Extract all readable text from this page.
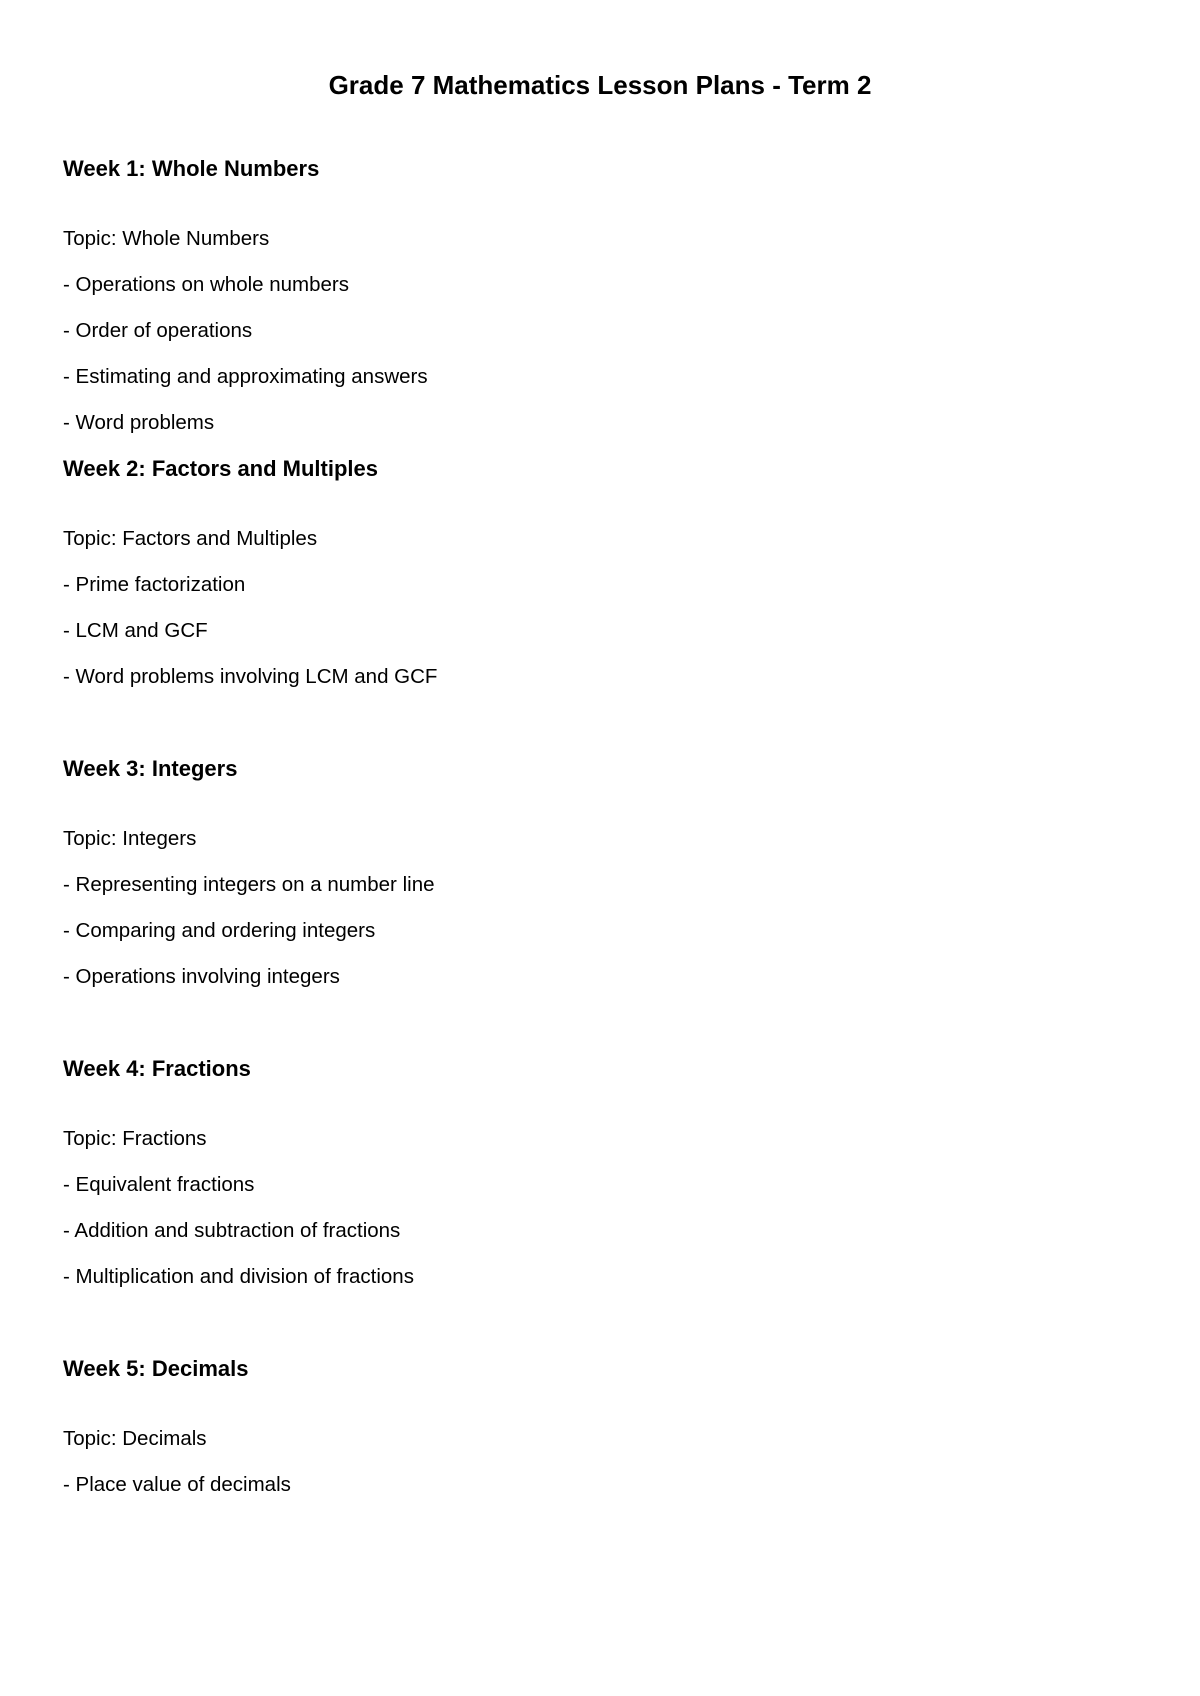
Grade 7 Mathematics Lesson Plans - Term 2
Week 1: Whole Numbers

Topic: Whole Numbers

- Operations on whole numbers

- Order of operations

- Estimating and approximating answers

- Word problems

Week 2: Factors and Multiples

Topic: Factors and Multiples

- Prime factorization

- LCM and GCF

- Word problems involving LCM and GCF

Week 3: Integers

Topic: Integers

- Representing integers on a number line

- Comparing and ordering integers

- Operations involving integers

Week 4: Fractions

Topic: Fractions

- Equivalent fractions

- Addition and subtraction of fractions

- Multiplication and division of fractions

Week 5: Decimals

Topic: Decimals

- Place value of decimals
